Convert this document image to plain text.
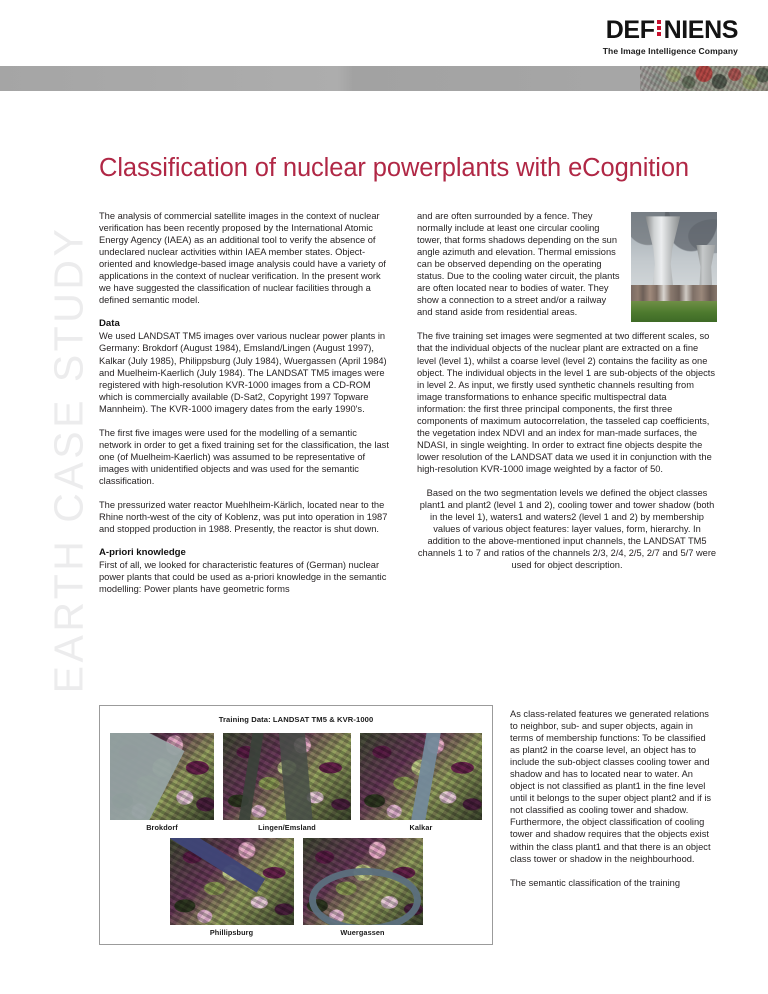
DEF NIENS
The Image Intelligence Company
EARTH CASE STUDY
Classification of nuclear powerplants with eCognition

The analysis of commercial satellite images in the context of nuclear verification has been recently proposed by the International Atomic Energy Agency (IAEA) as an additional tool to verify the absence of undeclared nuclear activities within IAEA member states. Object-oriented and knowledge-based image analysis could have a variety of applications in the context of nuclear verification. In the present work we have suggested the classification of nuclear facilities through a defined semantic model.

Data

We used LANDSAT TM5 images over various nuclear power plants in Germany: Brokdorf (August 1984), Emsland/Lingen (August 1997), Kalkar (July 1985), Philippsburg (July 1984), Wuergassen (April 1984) and Muelheim-Kaerlich (July 1984). The LANDSAT TM5 images were registered with high-resolution KVR-1000 images from a CD-ROM which is commercially available (D-Sat2, Copyright 1997 Topware Mannheim). The KVR-1000 imagery dates from the early 1990's.

The first five images were used for the modelling of a semantic network in order to get a fixed training set for the classification, the last one (of Muelheim-Kaerlich) was assumed to be representative of images with unidentified objects and was used for the semantic classification.

The pressurized water reactor Muehlheim-Kärlich, located near to the Rhine north-west of the city of Koblenz, was put into operation in 1987 and stopped production in 1988. Presently, the reactor is shut down.

A-priori knowledge

First of all, we looked for characteristic features of (German) nuclear power plants that could be used as a-priori knowledge in the semantic modelling: Power plants have geometric forms

and are often surrounded by a fence. They normally include at least one circular cooling tower, that forms shadows depending on the sun angle azimuth and elevation. Thermal emissions can be observed depending on the operating status. Due to the cooling water circuit, the plants are often located near to bodies of water. They show a connection to a street and/or a railway and stand aside from residential areas.

The five training set images were segmented at two different scales, so that the individual objects of the nuclear plant are extracted on a fine level (level 1), whilst a coarse level (level 2) contains the facility as one object. The individual objects in the level 1 are sub-objects of the objects in level 2. As input, we firstly used synthetic channels resulting from image transformations to enhance specific multispectral data information: the first three principal components, the first three components of maximum autocorrelation, the tasseled cap coefficients, the vegetation index NDVI and an index for man-made surfaces, the NDASI, in single weighting. In order to extract fine objects despite the lower resolution of the LANDSAT data we used it in conjunction with the high-resolution KVR-1000 image weighted by a factor of 50.

Based on the two segmentation levels we defined the object classes plant1 and plant2 (level 1 and 2), cooling tower and tower shadow (both in the level 1), waters1 and waters2 (level 1 and 2) by membership values of various object features: layer values, form, hierarchy. In addition to the above-mentioned input channels, the LANDSAT TM5 channels 1 to 7 and ratios of the channels 2/3, 2/4, 2/5, 2/7 and 5/7 were used for object description.

Training Data: LANDSAT TM5 & KVR-1000
Brokdorf	Lingen/Emsland	Kalkar
Phillipsburg	Wuergassen

As class-related features we generated relations to neighbor, sub- and super objects, again in terms of membership functions: To be classified as plant2 in the coarse level, an object has to include the sub-object classes cooling tower and shadow and has to located near to water. An object is not classified as plant1 in the fine level until it belongs to the super object plant2 and if is not classified as cooling tower and shadow. Furthermore, the object classification of cooling tower and shadow requires that the objects exist within the class plant1 and that there is an object class tower or shadow in the neighbourhood.

The semantic classification of the training
